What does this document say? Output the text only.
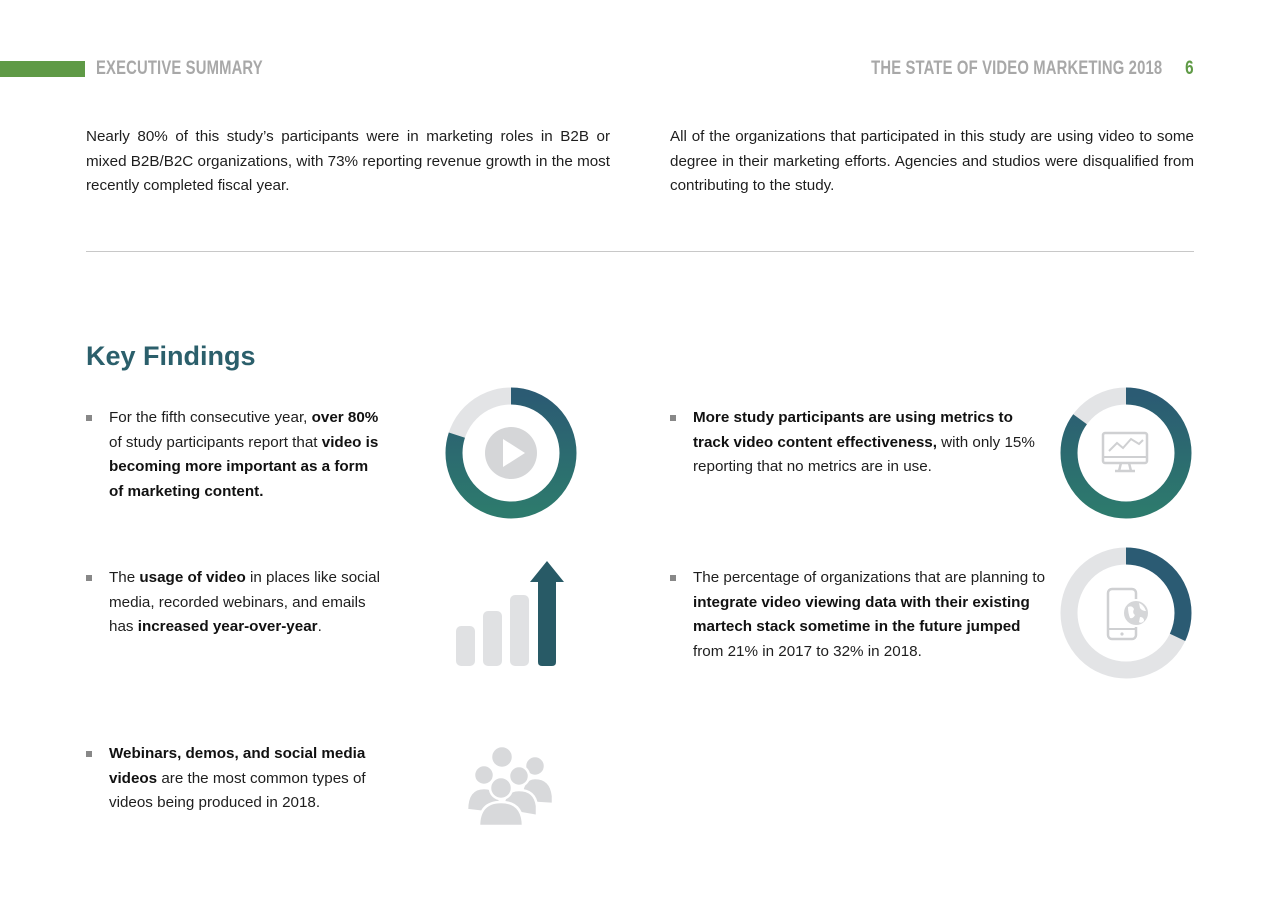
EXECUTIVE SUMMARY	THE STATE OF VIDEO MARKETING 2018 6

Nearly 80% of this study’s participants were in marketing roles in B2B or mixed B2B/B2C organizations, with 73% reporting revenue growth in the most recently completed fiscal year.

All of the organizations that participated in this study are using video to some degree in their marketing efforts. Agencies and studios were disqualified from contributing to the study.

Key Findings

For the fifth consecutive year, over 80% of study participants report that video is becoming more important as a form of marketing content.

The usage of video in places like social media, recorded webinars, and emails has increased year-over-year.

Webinars, demos, and social media videos are the most common types of videos being produced in 2018.

More study participants are using metrics to track video content effectiveness, with only 15% reporting that no metrics are in use.

The percentage of organizations that are planning to integrate video viewing data with their existing martech stack sometime in the future jumped from 21% in 2017 to 32% in 2018.
